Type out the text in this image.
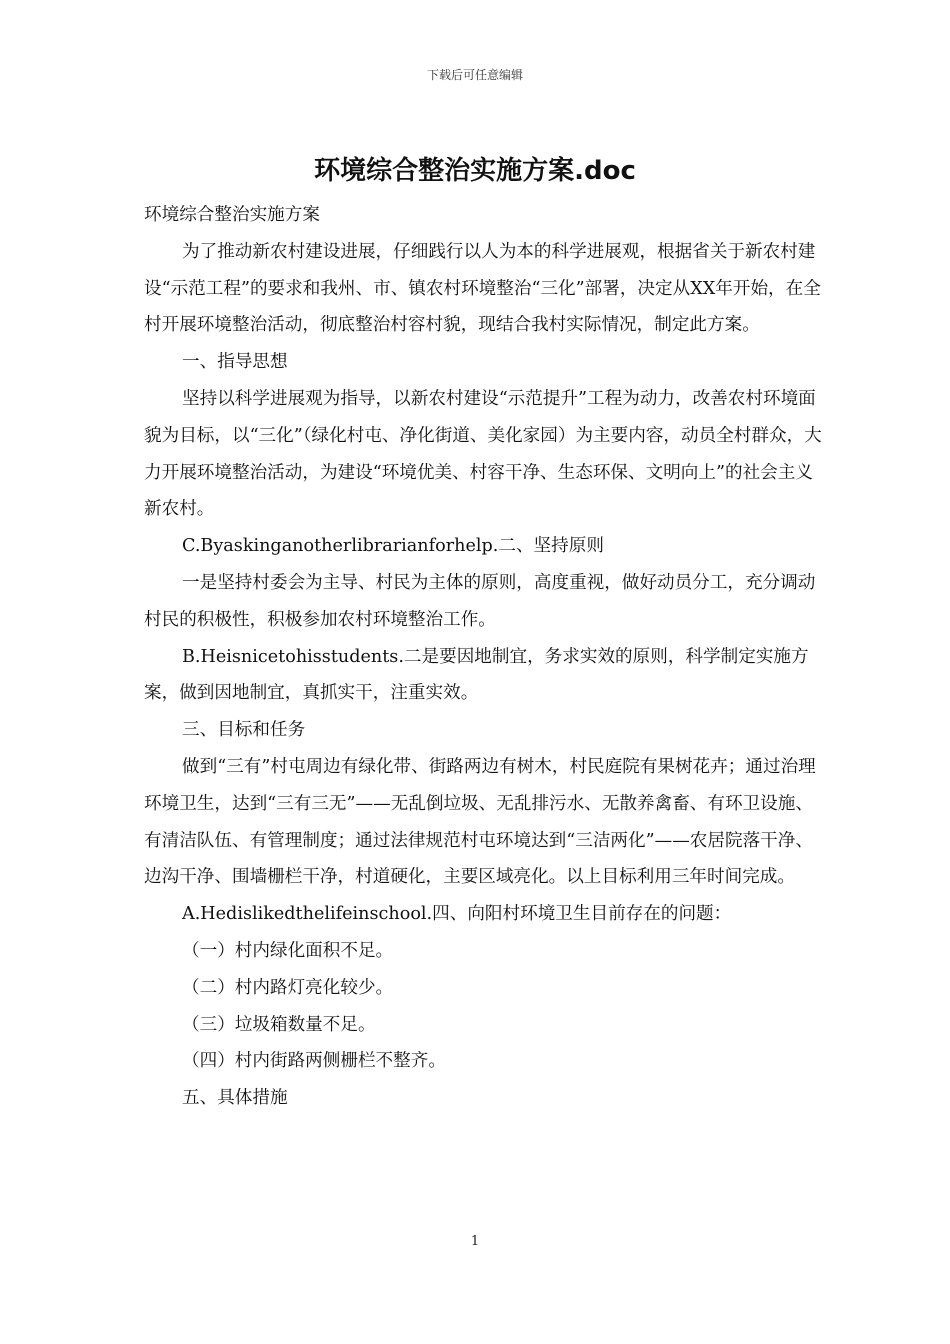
下载后可任意编辑
环境综合整治实施方案.doc

环境综合整治实施方案

为了推动新农村建设进展，仔细践行以人为本的科学进展观，根据省关于新农村建设“示范工程”的要求和我州、市、镇农村环境整治“三化”部署，决定从XX年开始，在全村开展环境整治活动，彻底整治村容村貌，现结合我村实际情况，制定此方案。

一、指导思想

坚持以科学进展观为指导，以新农村建设“示范提升”工程为动力，改善农村环境面貌为目标，以“三化”（绿化村屯、净化街道、美化家园）为主要内容，动员全村群众，大力开展环境整治活动，为建设“环境优美、村容干净、生态环保、文明向上”的社会主义新农村。

C.Byaskinganotherlibrarianforhelp.二、坚持原则

一是坚持村委会为主导、村民为主体的原则，高度重视，做好动员分工，充分调动村民的积极性，积极参加农村环境整治工作。

B.Heisnicetohisstudents.二是要因地制宜，务求实效的原则，科学制定实施方案，做到因地制宜，真抓实干，注重实效。

三、目标和任务

做到“三有”村屯周边有绿化带、街路两边有树木，村民庭院有果树花卉；通过治理环境卫生，达到“三有三无”——无乱倒垃圾、无乱排污水、无散养禽畜、有环卫设施、有清洁队伍、有管理制度；通过法律规范村屯环境达到“三洁两化”——农居院落干净、边沟干净、围墙栅栏干净，村道硬化，主要区域亮化。以上目标利用三年时间完成。

A.Hedislikedthelifeinschool.四、向阳村环境卫生目前存在的问题：

（一）村内绿化面积不足。

（二）村内路灯亮化较少。

（三）垃圾箱数量不足。

（四）村内街路两侧栅栏不整齐。

五、具体措施

1
